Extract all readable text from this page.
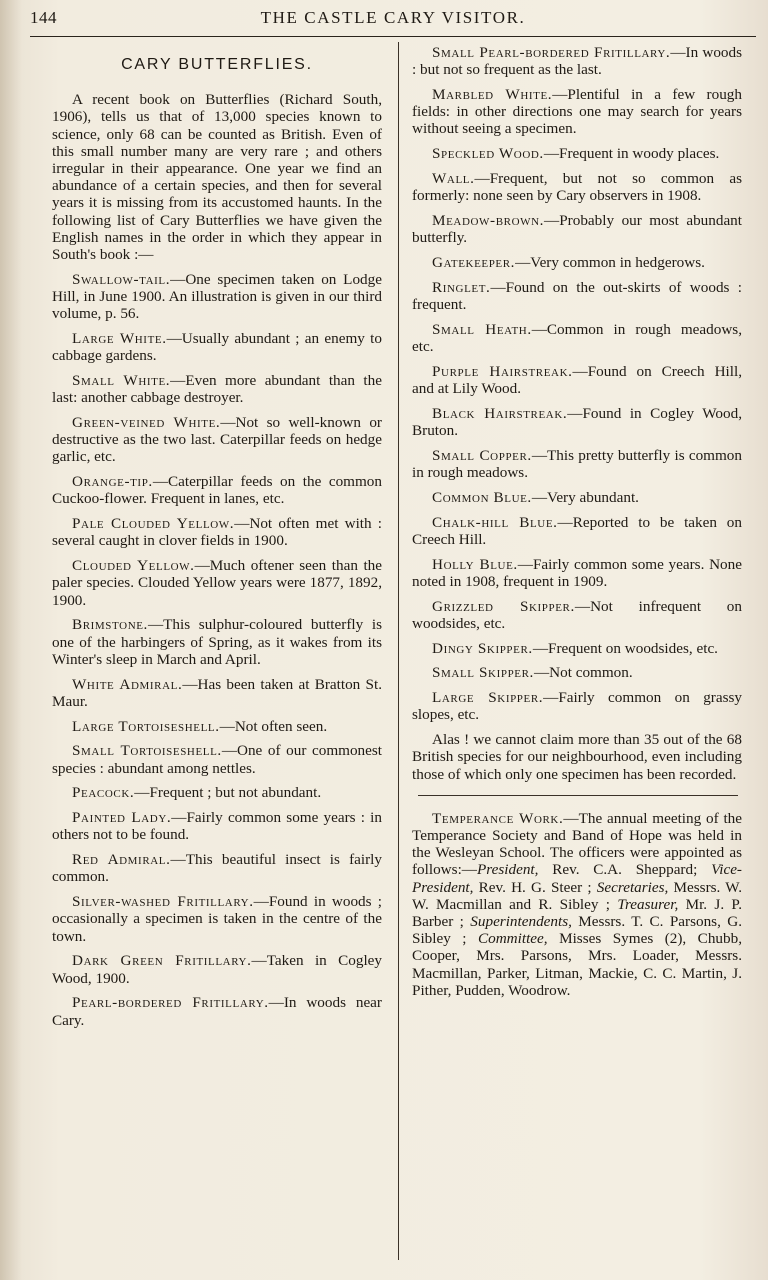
144	THE CASTLE CARY VISITOR.
CARY BUTTERFLIES.

A recent book on Butterflies (Richard South, 1906), tells us that of 13,000 species known to science, only 68 can be counted as British. Even of this small number many are very rare ; and others irregular in their appearance. One year we find an abundance of a certain species, and then for several years it is missing from its accustomed haunts. In the following list of Cary Butterflies we have given the English names in the order in which they appear in South's book :—

Swallow-tail.—One specimen taken on Lodge Hill, in June 1900. An illustration is given in our third volume, p. 56.

Large White.—Usually abundant ; an enemy to cabbage gardens.

Small White.—Even more abundant than the last: another cabbage destroyer.

Green-veined White.—Not so well-known or destructive as the two last. Caterpillar feeds on hedge garlic, etc.

Orange-tip.—Caterpillar feeds on the common Cuckoo-flower. Frequent in lanes, etc.

Pale Clouded Yellow.—Not often met with : several caught in clover fields in 1900.

Clouded Yellow.—Much oftener seen than the paler species. Clouded Yellow years were 1877, 1892, 1900.

Brimstone.—This sulphur-coloured butterfly is one of the harbingers of Spring, as it wakes from its Winter's sleep in March and April.

White Admiral.—Has been taken at Bratton St. Maur.

Large Tortoiseshell.—Not often seen.

Small Tortoiseshell.—One of our commonest species : abundant among nettles.

Peacock.—Frequent ; but not abundant.

Painted Lady.—Fairly common some years : in others not to be found.

Red Admiral.—This beautiful insect is fairly common.

Silver-washed Fritillary.—Found in woods ; occasionally a specimen is taken in the centre of the town.

Dark Green Fritillary.—Taken in Cogley Wood, 1900.

Pearl-bordered Fritillary.—In woods near Cary.

Small Pearl-bordered Fritillary.—In woods : but not so frequent as the last.

Marbled White.—Plentiful in a few rough fields: in other directions one may search for years without seeing a specimen.

Speckled Wood.—Frequent in woody places.

Wall.—Frequent, but not so common as formerly: none seen by Cary observers in 1908.

Meadow-brown.—Probably our most abundant butterfly.

Gatekeeper.—Very common in hedgerows.

Ringlet.—Found on the out-skirts of woods : frequent.

Small Heath.—Common in rough meadows, etc.

Purple Hairstreak.—Found on Creech Hill, and at Lily Wood.

Black Hairstreak.—Found in Cogley Wood, Bruton.

Small Copper.—This pretty butterfly is common in rough meadows.

Common Blue.—Very abundant.

Chalk-hill Blue.—Reported to be taken on Creech Hill.

Holly Blue.—Fairly common some years. None noted in 1908, frequent in 1909.

Grizzled Skipper.—Not infrequent on woodsides, etc.

Dingy Skipper.—Frequent on woodsides, etc.

Small Skipper.—Not common.

Large Skipper.—Fairly common on grassy slopes, etc.

Alas ! we cannot claim more than 35 out of the 68 British species for our neighbourhood, even including those of which only one specimen has been recorded.

Temperance Work.—The annual meeting of the Temperance Society and Band of Hope was held in the Wesleyan School. The officers were appointed as follows:—President, Rev. C.A. Sheppard; Vice-President, Rev. H. G. Steer ; Secretaries, Messrs. W. W. Macmillan and R. Sibley ; Treasurer, Mr. J. P. Barber ; Superintendents, Messrs. T. C. Parsons, G. Sibley ; Committee, Misses Symes (2), Chubb, Cooper, Mrs. Parsons, Mrs. Loader, Messrs. Macmillan, Parker, Litman, Mackie, C. C. Martin, J. Pither, Pudden, Woodrow.
